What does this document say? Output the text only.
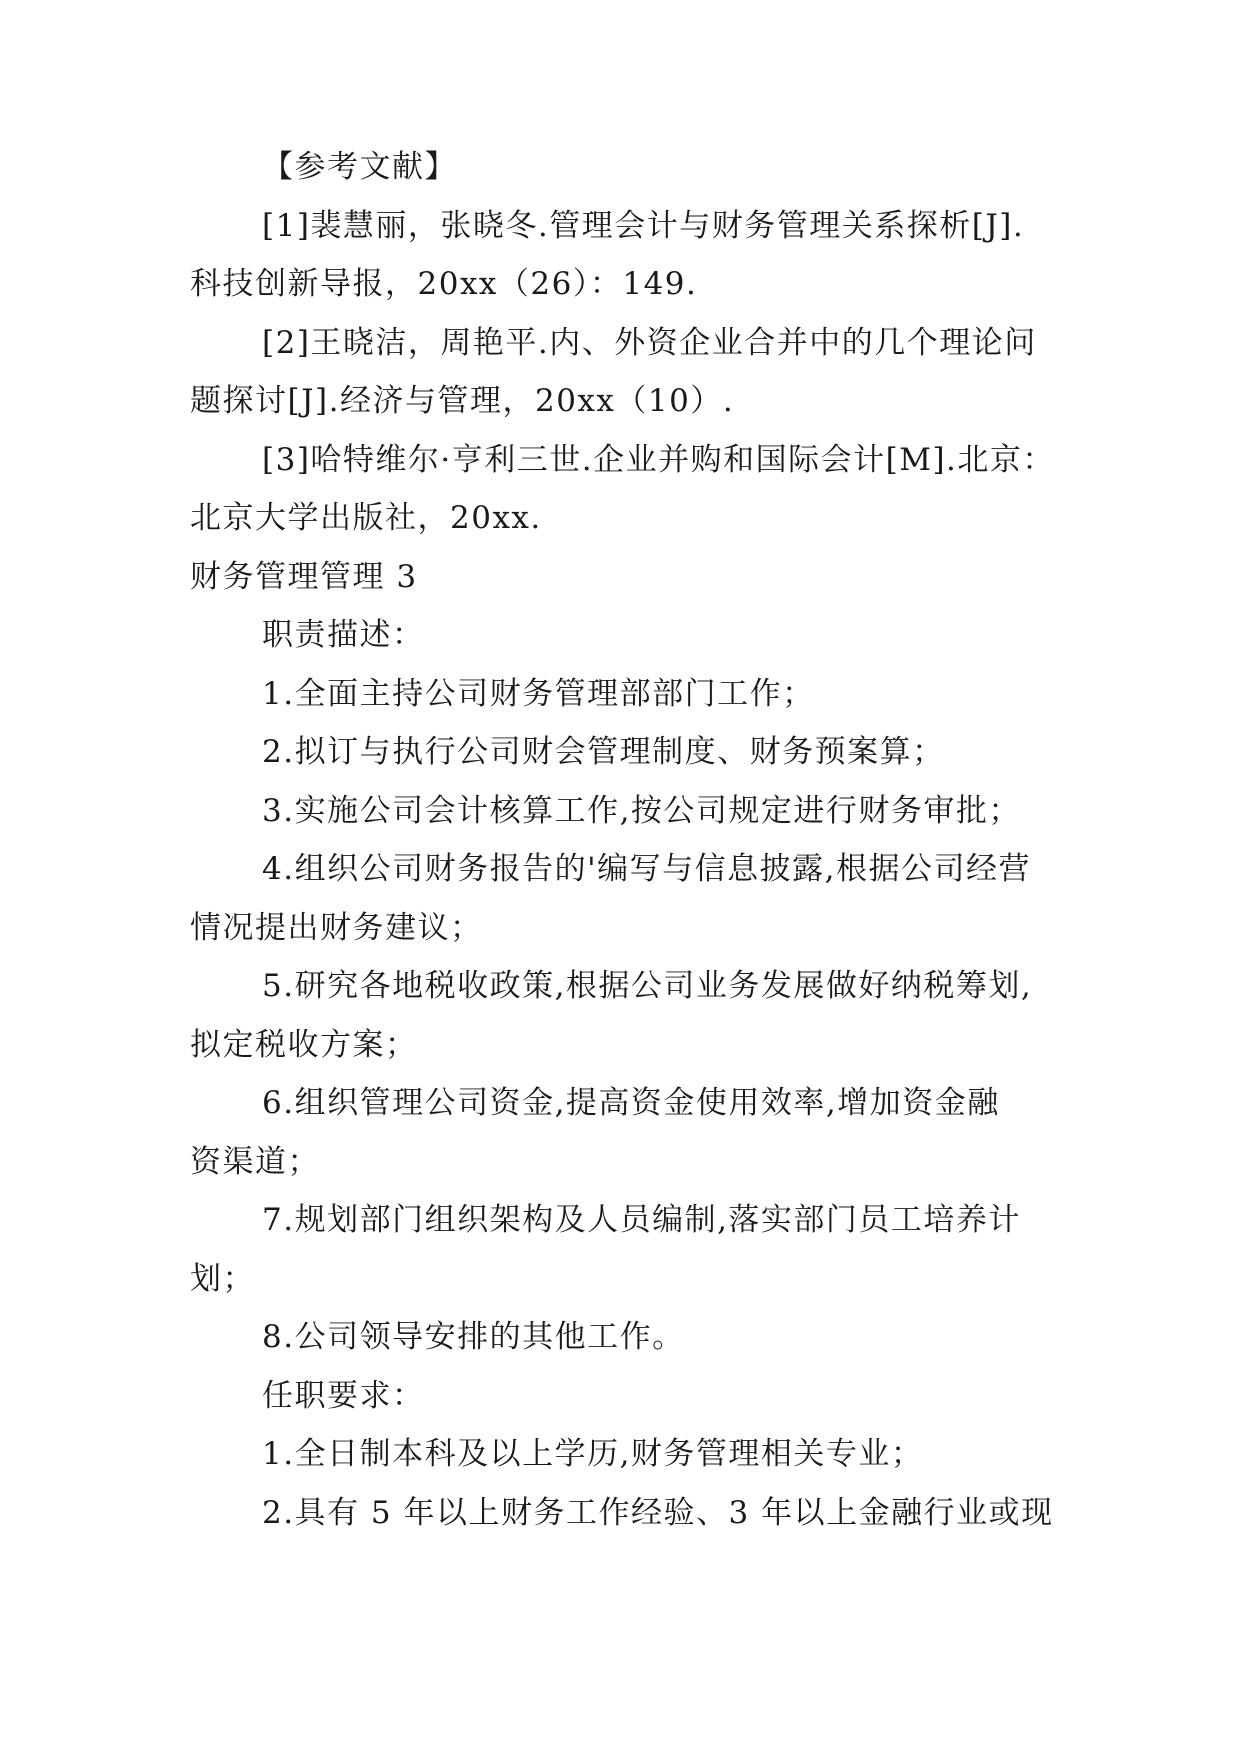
【参考文献】
[1]裴慧丽，张晓冬.管理会计与财务管理关系探析[J].
科技创新导报，20xx（26）：149.
[2]王晓洁，周艳平.内、外资企业合并中的几个理论问
题探讨[J].经济与管理，20xx（10）.
[3]哈特维尔·亨利三世.企业并购和国际会计[M].北京：
北京大学出版社，20xx.
财务管理管理 3
职责描述：
1.全面主持公司财务管理部部门工作；
2.拟订与执行公司财会管理制度、财务预案算；
3.实施公司会计核算工作,按公司规定进行财务审批；
4.组织公司财务报告的'编写与信息披露,根据公司经营
情况提出财务建议；
5.研究各地税收政策,根据公司业务发展做好纳税筹划,
拟定税收方案；
6.组织管理公司资金,提高资金使用效率,增加资金融
资渠道；
7.规划部门组织架构及人员编制,落实部门员工培养计
划；
8.公司领导安排的其他工作。
任职要求：
1.全日制本科及以上学历,财务管理相关专业；
2.具有 5 年以上财务工作经验、3 年以上金融行业或现
